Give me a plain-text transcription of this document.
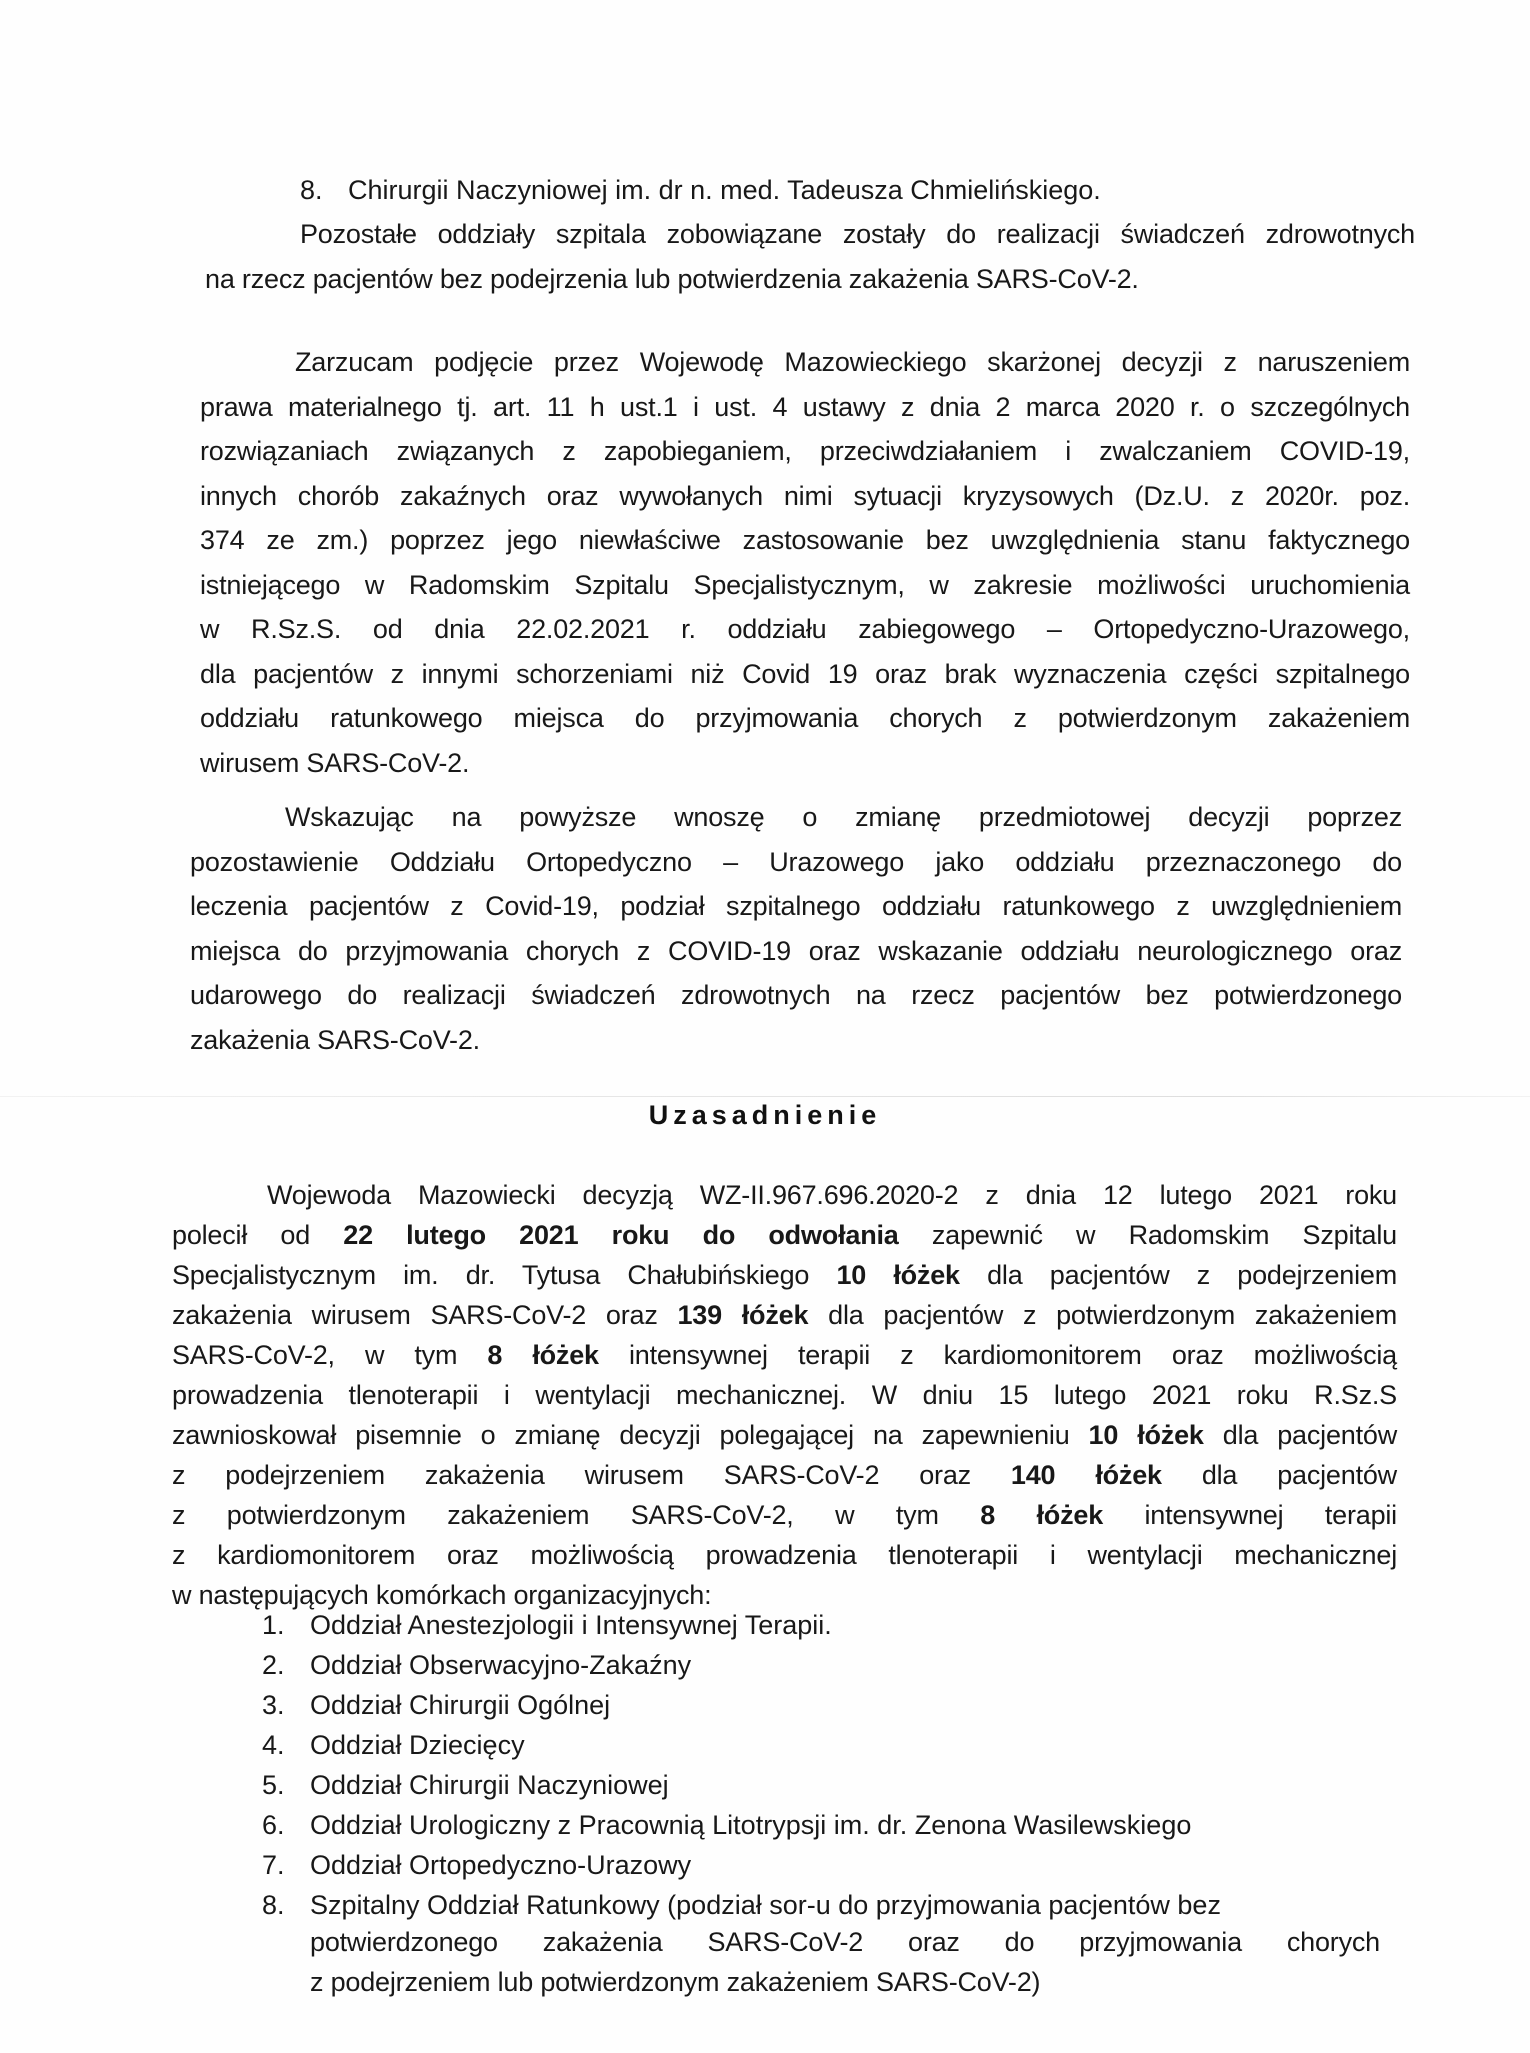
8. Chirurgii Naczyniowej im. dr n. med. Tadeusza Chmielińskiego.
Pozostałe oddziały szpitala zobowiązane zostały do realizacji świadczeń zdrowotnych
na rzecz pacjentów bez podejrzenia lub potwierdzenia zakażenia SARS-CoV-2.
Zarzucam podjęcie przez Wojewodę Mazowieckiego skarżonej decyzji z naruszeniem
prawa materialnego tj. art. 11 h ust.1 i ust. 4 ustawy z dnia 2 marca 2020 r. o szczególnych
rozwiązaniach związanych z zapobieganiem, przeciwdziałaniem i zwalczaniem COVID-19,
innych chorób zakaźnych oraz wywołanych nimi sytuacji kryzysowych (Dz.U. z 2020r. poz.
374 ze zm.) poprzez jego niewłaściwe zastosowanie bez uwzględnienia stanu faktycznego
istniejącego w Radomskim Szpitalu Specjalistycznym, w zakresie możliwości uruchomienia
w R.Sz.S. od dnia 22.02.2021 r. oddziału zabiegowego – Ortopedyczno-Urazowego,
dla pacjentów z innymi schorzeniami niż Covid 19 oraz brak wyznaczenia części szpitalnego
oddziału ratunkowego miejsca do przyjmowania chorych z potwierdzonym zakażeniem
wirusem SARS-CoV-2.
Wskazując na powyższe wnoszę o zmianę przedmiotowej decyzji poprzez
pozostawienie Oddziału Ortopedyczno – Urazowego jako oddziału przeznaczonego do
leczenia pacjentów z Covid-19, podział szpitalnego oddziału ratunkowego z uwzględnieniem
miejsca do przyjmowania chorych z COVID-19 oraz wskazanie oddziału neurologicznego oraz
udarowego do realizacji świadczeń zdrowotnych na rzecz pacjentów bez potwierdzonego
zakażenia SARS-CoV-2.
Uzasadnienie
Wojewoda Mazowiecki decyzją WZ-II.967.696.2020-2 z dnia 12 lutego 2021 roku
polecił od 22 lutego 2021 roku do odwołania zapewnić w Radomskim Szpitalu
Specjalistycznym im. dr. Tytusa Chałubińskiego 10 łóżek dla pacjentów z podejrzeniem
zakażenia wirusem SARS-CoV-2 oraz 139 łóżek dla pacjentów z potwierdzonym zakażeniem
SARS-CoV-2, w tym 8 łóżek intensywnej terapii z kardiomonitorem oraz możliwością
prowadzenia tlenoterapii i wentylacji mechanicznej. W dniu 15 lutego 2021 roku R.Sz.S
zawnioskował pisemnie o zmianę decyzji polegającej na zapewnieniu 10 łóżek dla pacjentów
z podejrzeniem zakażenia wirusem SARS-CoV-2 oraz 140 łóżek dla pacjentów
z potwierdzonym zakażeniem SARS-CoV-2, w tym 8 łóżek intensywnej terapii
z kardiomonitorem oraz możliwością prowadzenia tlenoterapii i wentylacji mechanicznej
w następujących komórkach organizacyjnych:
1. Oddział Anestezjologii i Intensywnej Terapii.
2. Oddział Obserwacyjno-Zakaźny
3. Oddział Chirurgii Ogólnej
4. Oddział Dziecięcy
5. Oddział Chirurgii Naczyniowej
6. Oddział Urologiczny z Pracownią Litotrypsji im. dr. Zenona Wasilewskiego
7. Oddział Ortopedyczno-Urazowy
8. Szpitalny Oddział Ratunkowy (podział sor-u do przyjmowania pacjentów bez
potwierdzonego zakażenia SARS-CoV-2 oraz do przyjmowania chorych
z podejrzeniem lub potwierdzonym zakażeniem SARS-CoV-2)
